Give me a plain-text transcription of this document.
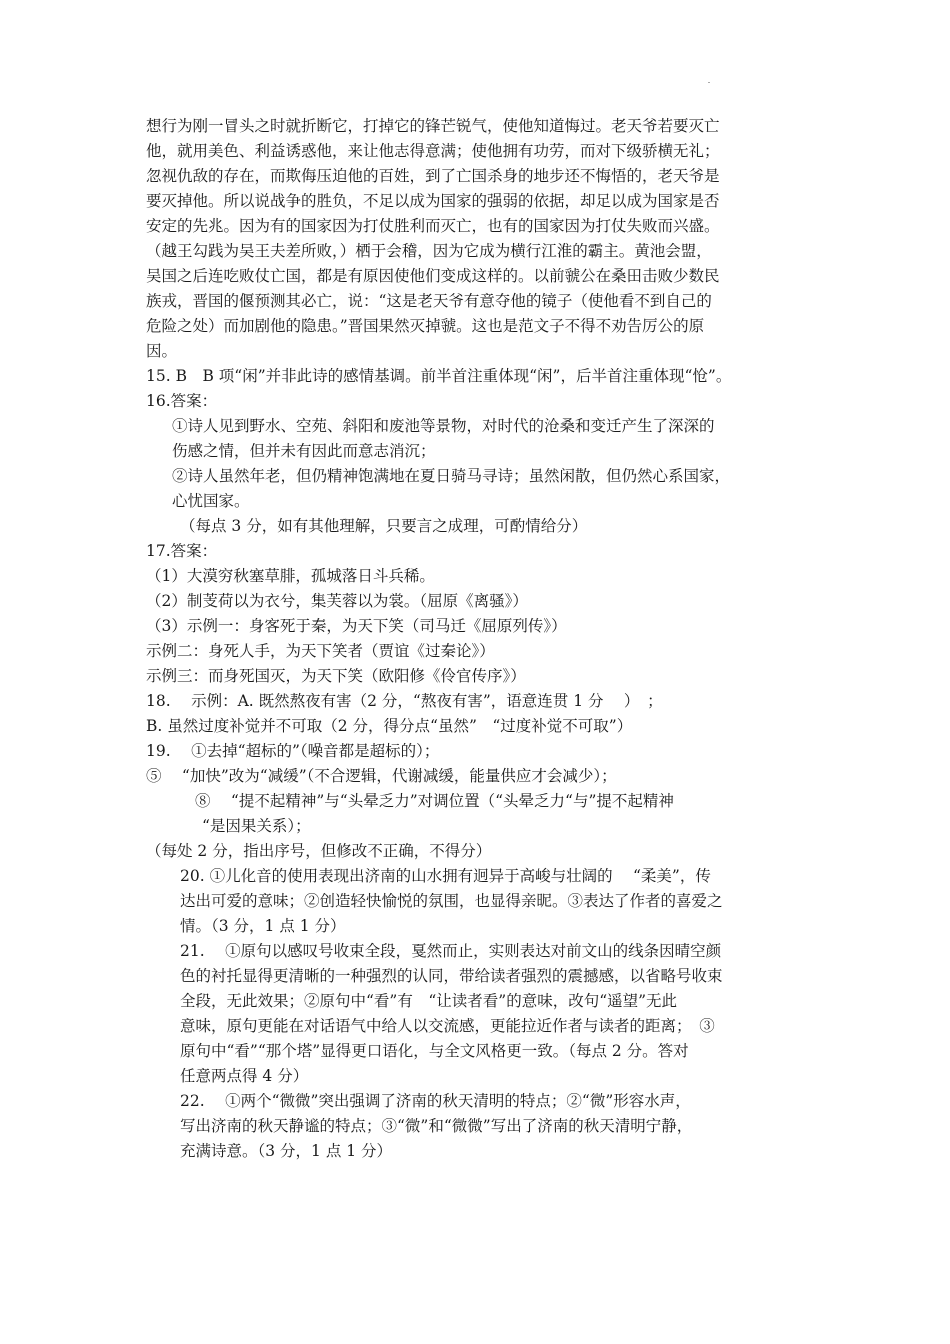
想行为刚一冒头之时就折断它，打掉它的锋芒锐气，使他知道悔过。老天爷若要灭亡
他，就用美色、利益诱惑他，来让他志得意满；使他拥有功劳，而对下级骄横无礼；
忽视仇敌的存在，而欺侮压迫他的百姓，到了亡国杀身的地步还不悔悟的，老天爷是
要灭掉他。所以说战争的胜负，不足以成为国家的强弱的依据，却足以成为国家是否
安定的先兆。因为有的国家因为打仗胜利而灭亡，也有的国家因为打仗失败而兴盛。
（越王勾践为吴王夫差所败，）栖于会稽，因为它成为横行江淮的霸主。黄池会盟，
吴国之后连吃败仗亡国，都是有原因使他们变成这样的。以前虢公在桑田击败少数民
族戎，晋国的偃预测其必亡，说：“这是老天爷有意夺他的镜子（使他看不到自己的
危险之处）而加剧他的隐患。”晋国果然灭掉虢。这也是范文子不得不劝告厉公的原
因。
15. B　B 项“闲”并非此诗的感情基调。前半首注重体现“闲”，后半首注重体现“怆”。
16.答案：
①诗人见到野水、空苑、斜阳和废池等景物，对时代的沧桑和变迁产生了深深的
伤感之情，但并未有因此而意志消沉；
②诗人虽然年老，但仍精神饱满地在夏日骑马寻诗；虽然闲散，但仍然心系国家，
心忧国家。
（每点 3 分，如有其他理解，只要言之成理，可酌情给分）
17.答案：
（1）大漠穷秋塞草腓，孤城落日斗兵稀。
（2）制芰荷以为衣兮，集芙蓉以为裳。（屈原《离骚》）
（3）示例一：身客死于秦，为天下笑（司马迁《屈原列传》）
示例二：身死人手，为天下笑者（贾谊《过秦论》）
示例三：而身死国灭，为天下笑（欧阳修《伶官传序》）
18.　 示例：A. 既然熬夜有害（2 分，“熬夜有害”，语意连贯 1 分　 ）　；
B. 虽然过度补觉并不可取（2 分，得分点“虽然”　“过度补觉不可取”）
19.　 ①去掉“超标的”（噪音都是超标的）；
⑤　 “加快”改为“减缓”（不合逻辑，代谢减缓，能量供应才会减少）；
⑧　 “提不起精神”与“头晕乏力”对调位置（“头晕乏力“与”提不起精神
“是因果关系）；
（每处 2 分，指出序号，但修改不正确，不得分）
20. ①儿化音的使用表现出济南的山水拥有迥异于高峻与壮阔的　 “柔美”，传
达出可爱的意味；②创造轻快愉悦的氛围，也显得亲昵。③表达了作者的喜爱之
情。（3 分，1 点 1 分）
21.　 ①原句以感叹号收束全段，戛然而止，实则表达对前文山的线条因晴空颜
色的衬托显得更清晰的一种强烈的认同，带给读者强烈的震撼感，以省略号收束
全段，无此效果；②原句中“看”有　“让读者看”的意味，改句“遥望”无此
意味，原句更能在对话语气中给人以交流感，更能拉近作者与读者的距离；　③
原句中“看”“那个塔”显得更口语化，与全文风格更一致。（每点 2 分。答对
任意两点得 4 分）
22.　 ①两个“微微”突出强调了济南的秋天清明的特点；②“微”形容水声，
写出济南的秋天静谧的特点；③“微”和“微微”写出了济南的秋天清明宁静，
充满诗意。（3 分，1 点 1 分）
